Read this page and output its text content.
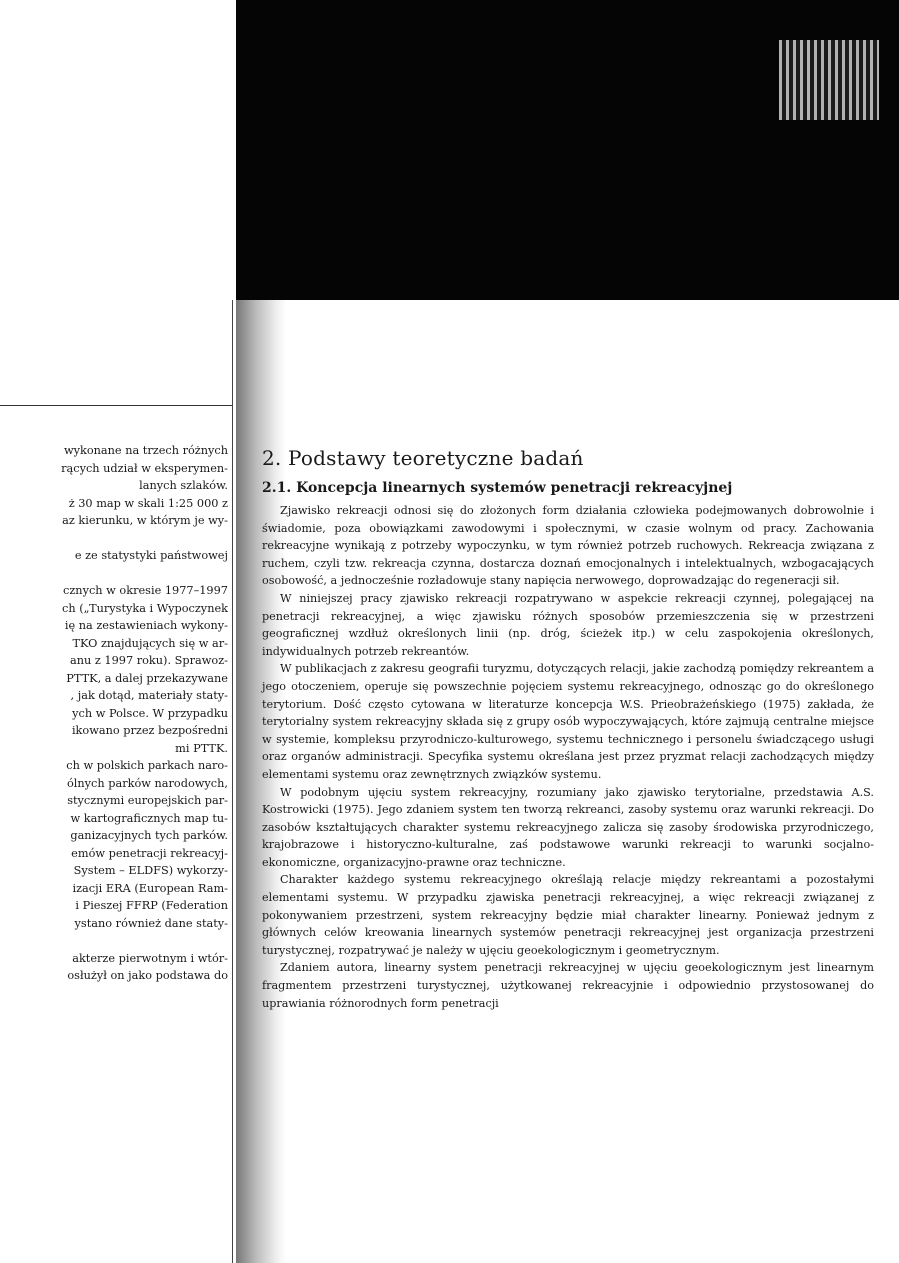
wykonane na trzech różnych

rących udział w eksperymen-

lanych szlaków.

ż 30 map w skali 1:25 000 z

az kierunku, w którym je wy-

e ze statystyki państwowej

cznych w okresie 1977–1997

ch („Turystyka i Wypoczynek

ię na zestawieniach wykony-

TKO znajdujących się w ar-

anu z 1997 roku). Sprawoz-

PTTK, a dalej przekazywane

, jak dotąd, materiały staty-

ych w Polsce. W przypadku

ikowano przez bezpośredni

mi PTTK.

ch w polskich parkach naro-

ólnych parków narodowych,

stycznymi europejskich par-

w kartograficznych map tu-

ganizacyjnych tych parków.

emów penetracji rekreacyj-

System – ELDFS) wykorzy-

izacji ERA (European Ram-

i Pieszej FFRP (Federation

ystano również dane staty-

akterze pierwotnym i wtór-

osłużył on jako podstawa do

2. Podstawy teoretyczne badań
2.1. Koncepcja linearnych systemów penetracji rekreacyjnej

Zjawisko rekreacji odnosi się do złożonych form działania człowieka podejmowanych dobrowolnie i świadomie, poza obowiązkami zawodowymi i społecznymi, w czasie wolnym od pracy. Zachowania rekreacyjne wynikają z potrzeby wypoczynku, w tym również potrzeb ruchowych. Rekreacja związana z ruchem, czyli tzw. rekreacja czynna, dostarcza doznań emocjonalnych i intelektualnych, wzbogacających osobowość, a jednocześnie rozładowuje stany napięcia nerwowego, doprowadzając do regeneracji sił.

W niniejszej pracy zjawisko rekreacji rozpatrywano w aspekcie rekreacji czynnej, polegającej na penetracji rekreacyjnej, a więc zjawisku różnych sposobów przemieszczenia się w przestrzeni geograficznej wzdłuż określonych linii (np. dróg, ścieżek itp.) w celu zaspokojenia określonych, indywidualnych potrzeb rekreantów.

W publikacjach z zakresu geografii turyzmu, dotyczących relacji, jakie zachodzą pomiędzy rekreantem a jego otoczeniem, operuje się powszechnie pojęciem systemu rekreacyjnego, odnosząc go do określonego terytorium. Dość często cytowana w literaturze koncepcja W.S. Prieobrażeńskiego (1975) zakłada, że terytorialny system rekreacyjny składa się z grupy osób wypoczywających, które zajmują centralne miejsce w systemie, kompleksu przyrodniczo-kulturowego, systemu technicznego i personelu świadczącego usługi oraz organów administracji. Specyfika systemu określana jest przez pryzmat relacji zachodzących między elementami systemu oraz zewnętrznych związków systemu.

W podobnym ujęciu system rekreacyjny, rozumiany jako zjawisko terytorialne, przedstawia A.S. Kostrowicki (1975). Jego zdaniem system ten tworzą rekreanci, zasoby systemu oraz warunki rekreacji. Do zasobów kształtujących charakter systemu rekreacyjnego zalicza się zasoby środowiska przyrodniczego, krajobrazowe i historyczno-kulturalne, zaś podstawowe warunki rekreacji to warunki socjalno-ekonomiczne, organizacyjno-prawne oraz techniczne.

Charakter każdego systemu rekreacyjnego określają relacje między rekreantami a pozostałymi elementami systemu. W przypadku zjawiska penetracji rekreacyjnej, a więc rekreacji związanej z pokonywaniem przestrzeni, system rekreacyjny będzie miał charakter linearny. Ponieważ jednym z głównych celów kreowania linearnych systemów penetracji rekreacyjnej jest organizacja przestrzeni turystycznej, rozpatrywać je należy w ujęciu geoekologicznym i geometrycznym.

Zdaniem autora, linearny system penetracji rekreacyjnej w ujęciu geoekologicznym jest linearnym fragmentem przestrzeni turystycznej, użytkowanej rekreacyjnie i odpowiednio przystosowanej do uprawiania różnorodnych form penetracji
